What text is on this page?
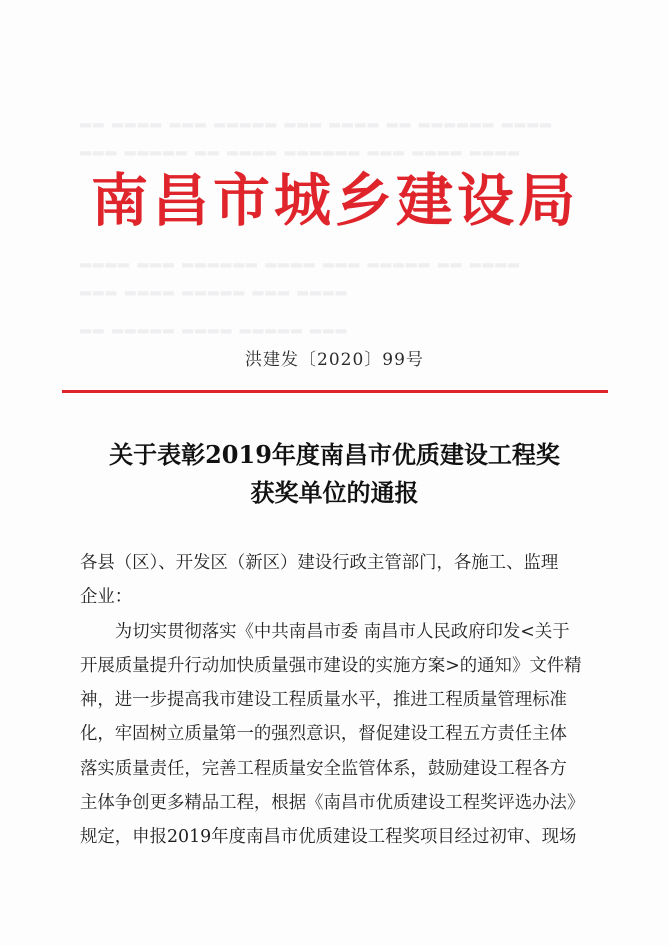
▂▂ ▂▂▂▂ ▂▂▂ ▂▂▂▂▂ ▂▂▂ ▂▂▂▂ ▂▂ ▂▂▂▂▂▂ ▂▂▂▂
▂▂▂ ▂▂▂▂▂ ▂▂ ▂▂▂▂ ▂▂▂▂▂▂ ▂▂▂ ▂▂▂▂ ▂▂▂▂
▂▂▂▂ ▂▂▂ ▂▂▂▂▂▂ ▂▂▂▂ ▂▂▂ ▂▂▂▂▂ ▂▂ ▂▂▂▂
▂▂▂ ▂▂▂▂ ▂▂▂▂▂ ▂▂▂ ▂▂▂▂
▂▂ ▂▂▂▂▂ ▂▂▂▂ ▂▂▂▂▂ ▂▂▂
南昌市城乡建设局

洪建发〔2020〕99号

关于表彰2019年度南昌市优质建设工程奖
获奖单位的通报

各县（区）、开发区（新区）建设行政主管部门，各施工、监理
企业：

为切实贯彻落实《中共南昌市委 南昌市人民政府印发<关于
开展质量提升行动加快质量强市建设的实施方案>的通知》文件精
神，进一步提高我市建设工程质量水平，推进工程质量管理标准
化，牢固树立质量第一的强烈意识，督促建设工程五方责任主体
落实质量责任，完善工程质量安全监管体系，鼓励建设工程各方
主体争创更多精品工程，根据《南昌市优质建设工程奖评选办法》
规定，申报2019年度南昌市优质建设工程奖项目经过初审、现场
